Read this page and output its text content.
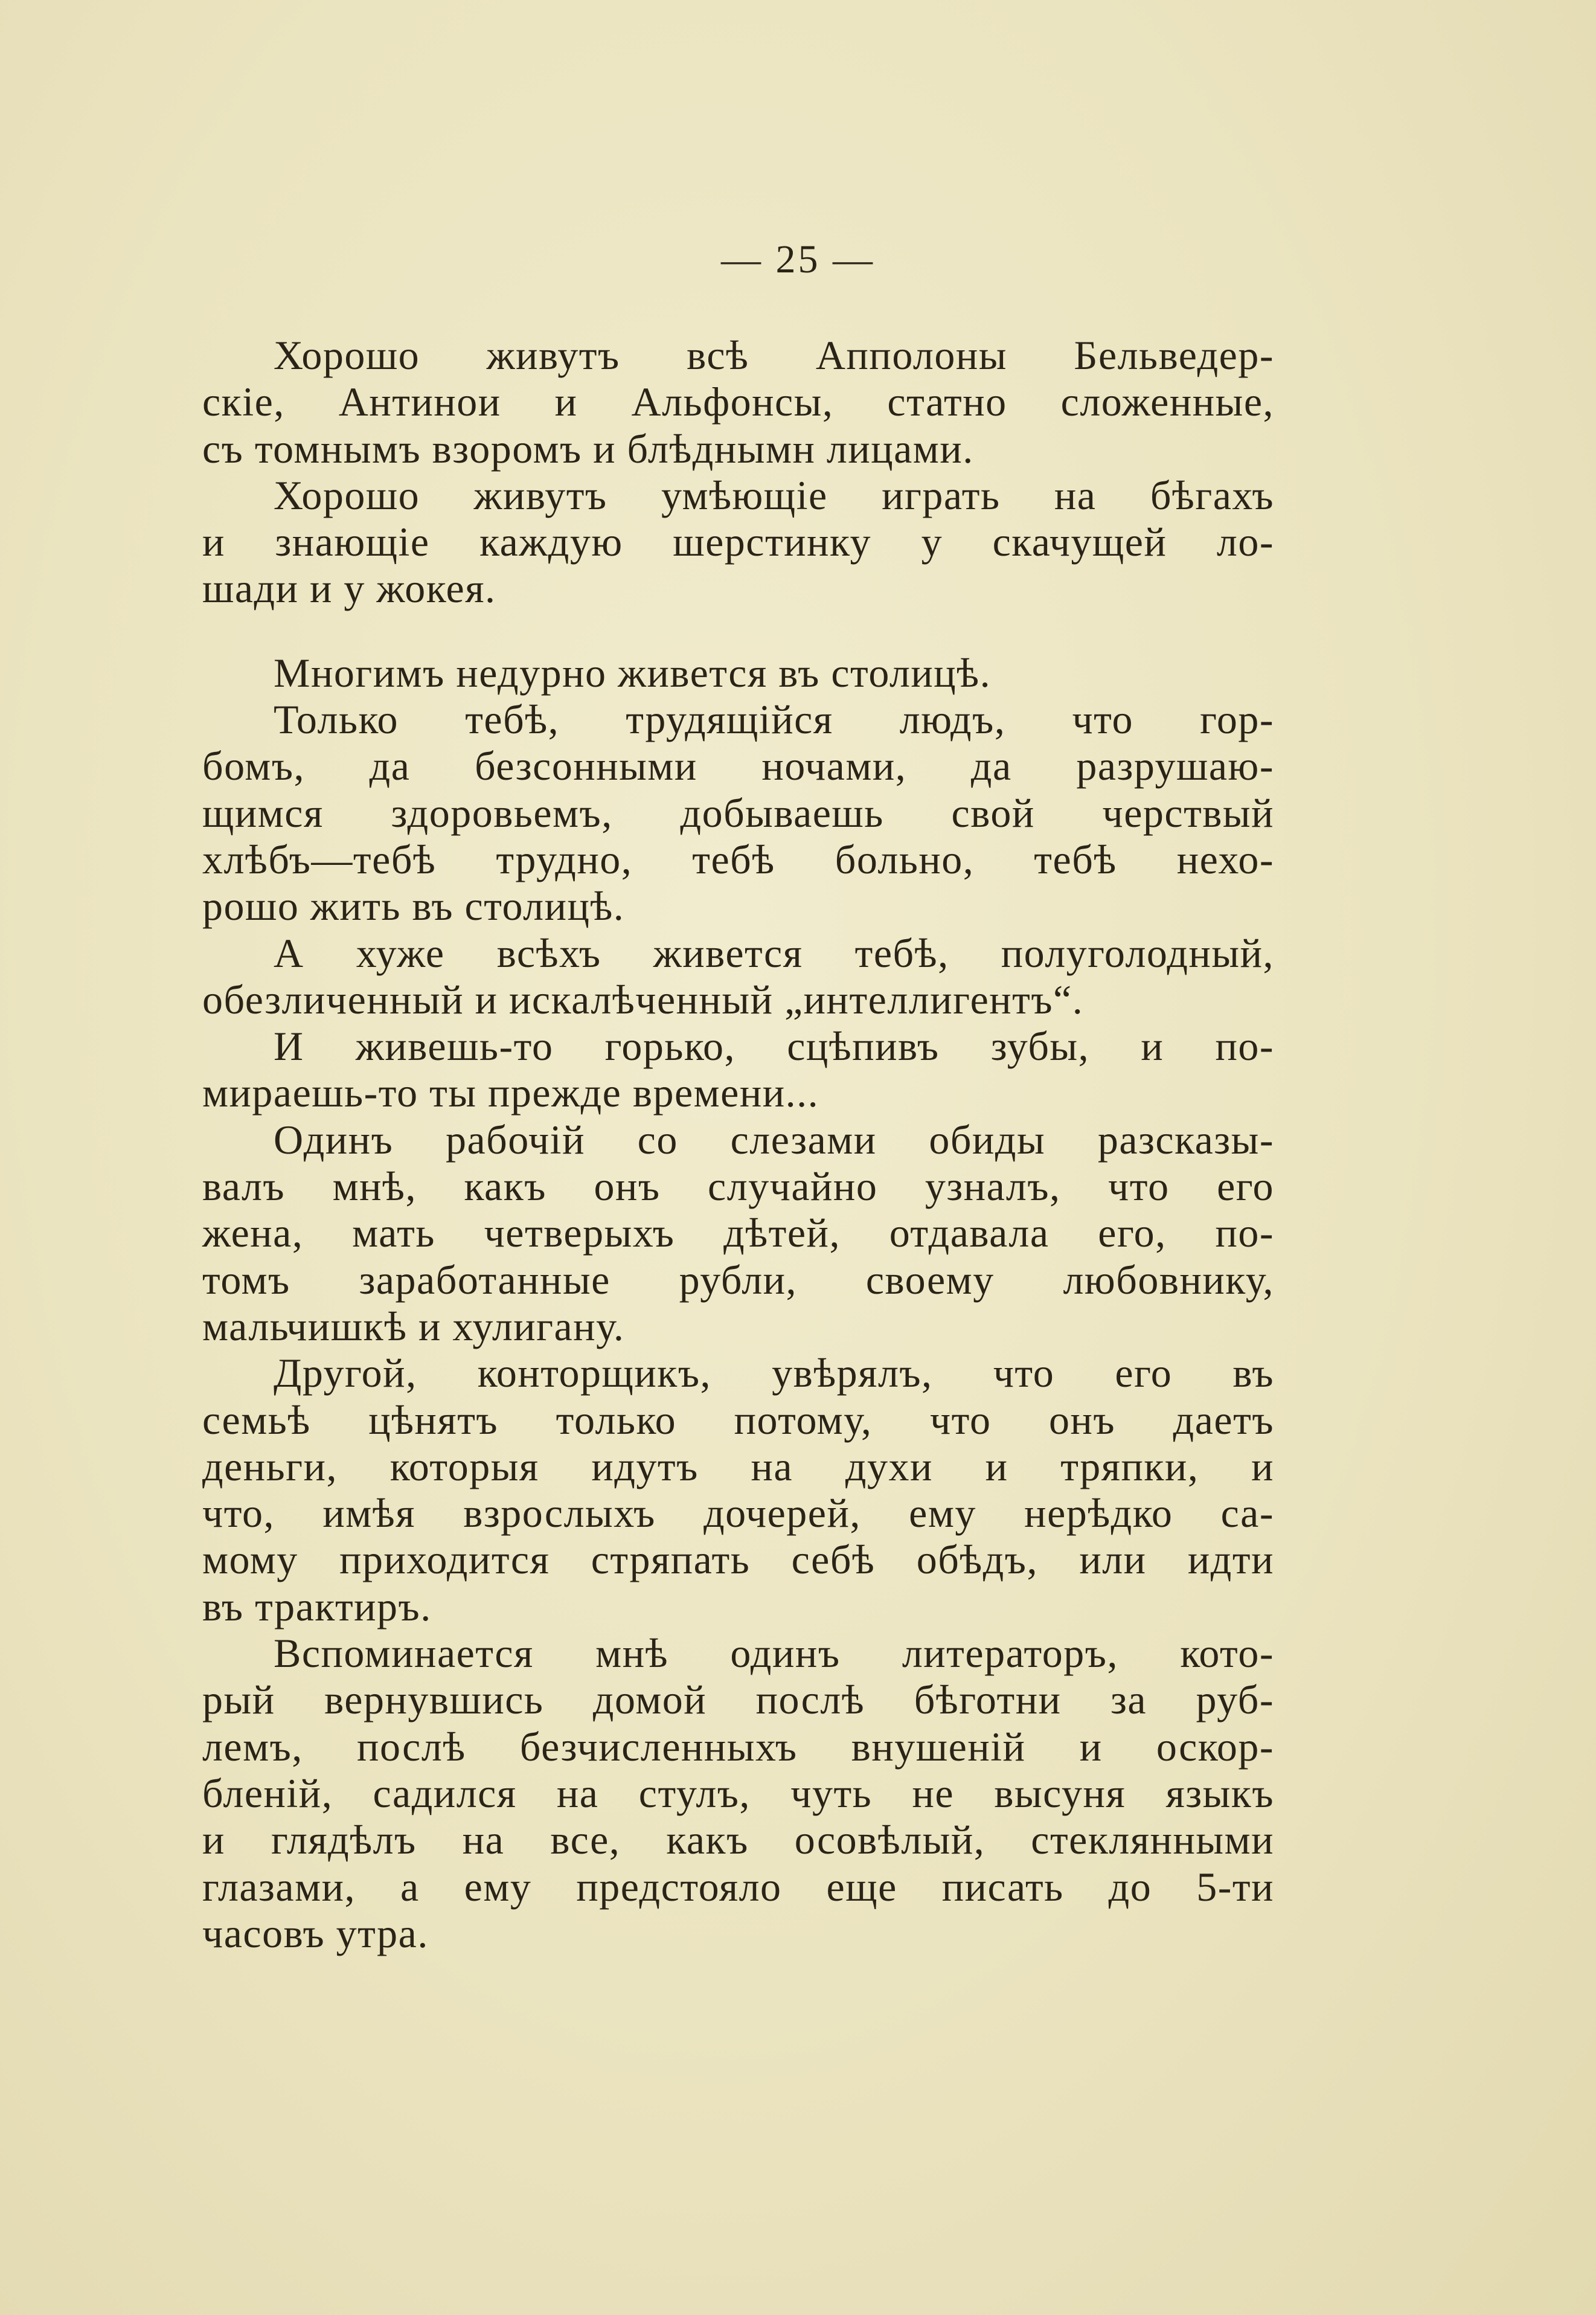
— 25 —
Хорошо живутъ всѣ Апполоны Бельведер-
скіе, Антинои и Альфонсы, статно сложенные,
съ томнымъ взоромъ и блѣднымн лицами.
Хорошо живутъ умѣющіе играть на бѣгахъ
и знающіе каждую шерстинку у скачущей ло-
шади и у жокея.
Многимъ недурно живется въ столицѣ.
Только тебѣ, трудящійся людъ, что гор-
бомъ, да безсонными ночами, да разрушаю-
щимся здоровьемъ, добываешь свой черствый
хлѣбъ—тебѣ трудно, тебѣ больно, тебѣ нехо-
рошо жить въ столицѣ.
А хуже всѣхъ живется тебѣ, полуголодный,
обезличенный и искалѣченный „интеллигентъ“.
И живешь-то горько, сцѣпивъ зубы, и по-
мираешь-то ты прежде времени...
Одинъ рабочій со слезами обиды разсказы-
валъ мнѣ, какъ онъ случайно узналъ, что его
жена, мать четверыхъ дѣтей, отдавала его, по-
томъ заработанные рубли, своему любовнику,
мальчишкѣ и хулигану.
Другой, конторщикъ, увѣрялъ, что его въ
семьѣ цѣнятъ только потому, что онъ даетъ
деньги, которыя идутъ на духи и тряпки, и
что, имѣя взрослыхъ дочерей, ему нерѣдко са-
мому приходится стряпать себѣ обѣдъ, или идти
въ трактиръ.
Вспоминается мнѣ одинъ литераторъ, кото-
рый вернувшись домой послѣ бѣготни за руб-
лемъ, послѣ безчисленныхъ внушеній и оскор-
бленій, садился на стулъ, чуть не высуня языкъ
и глядѣлъ на все, какъ осовѣлый, стеклянными
глазами, а ему предстояло еще писать до 5-ти
часовъ утра.
